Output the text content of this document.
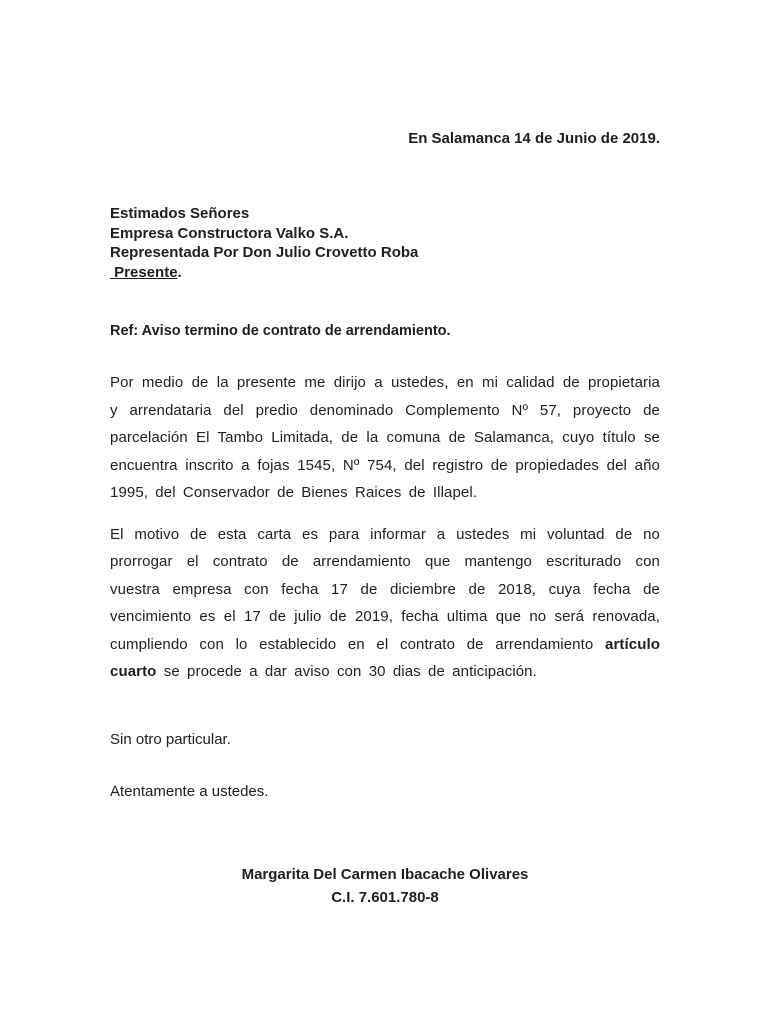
En Salamanca 14 de Junio de 2019.
Estimados Señores
Empresa Constructora Valko S.A.
Representada Por Don Julio Crovetto Roba
Presente.
Ref: Aviso termino de contrato de arrendamiento.
Por medio de la presente me dirijo a ustedes, en mi calidad de propietaria y arrendataria del predio denominado Complemento Nº 57, proyecto de parcelación El Tambo Limitada, de la comuna de Salamanca, cuyo título se encuentra inscrito a fojas 1545, Nº 754, del registro de propiedades del año 1995, del Conservador de Bienes Raices de Illapel.
El motivo de esta carta es para informar a ustedes mi voluntad de no prorrogar el contrato de arrendamiento que mantengo escriturado con vuestra empresa con fecha 17 de diciembre de 2018, cuya fecha de vencimiento es el 17 de julio de 2019, fecha ultima que no será renovada, cumpliendo con lo establecido en el contrato de arrendamiento artículo cuarto se procede a dar aviso con 30 dias de anticipación.
Sin otro particular.
Atentamente a ustedes.
Margarita Del Carmen Ibacache Olivares
C.I. 7.601.780-8
